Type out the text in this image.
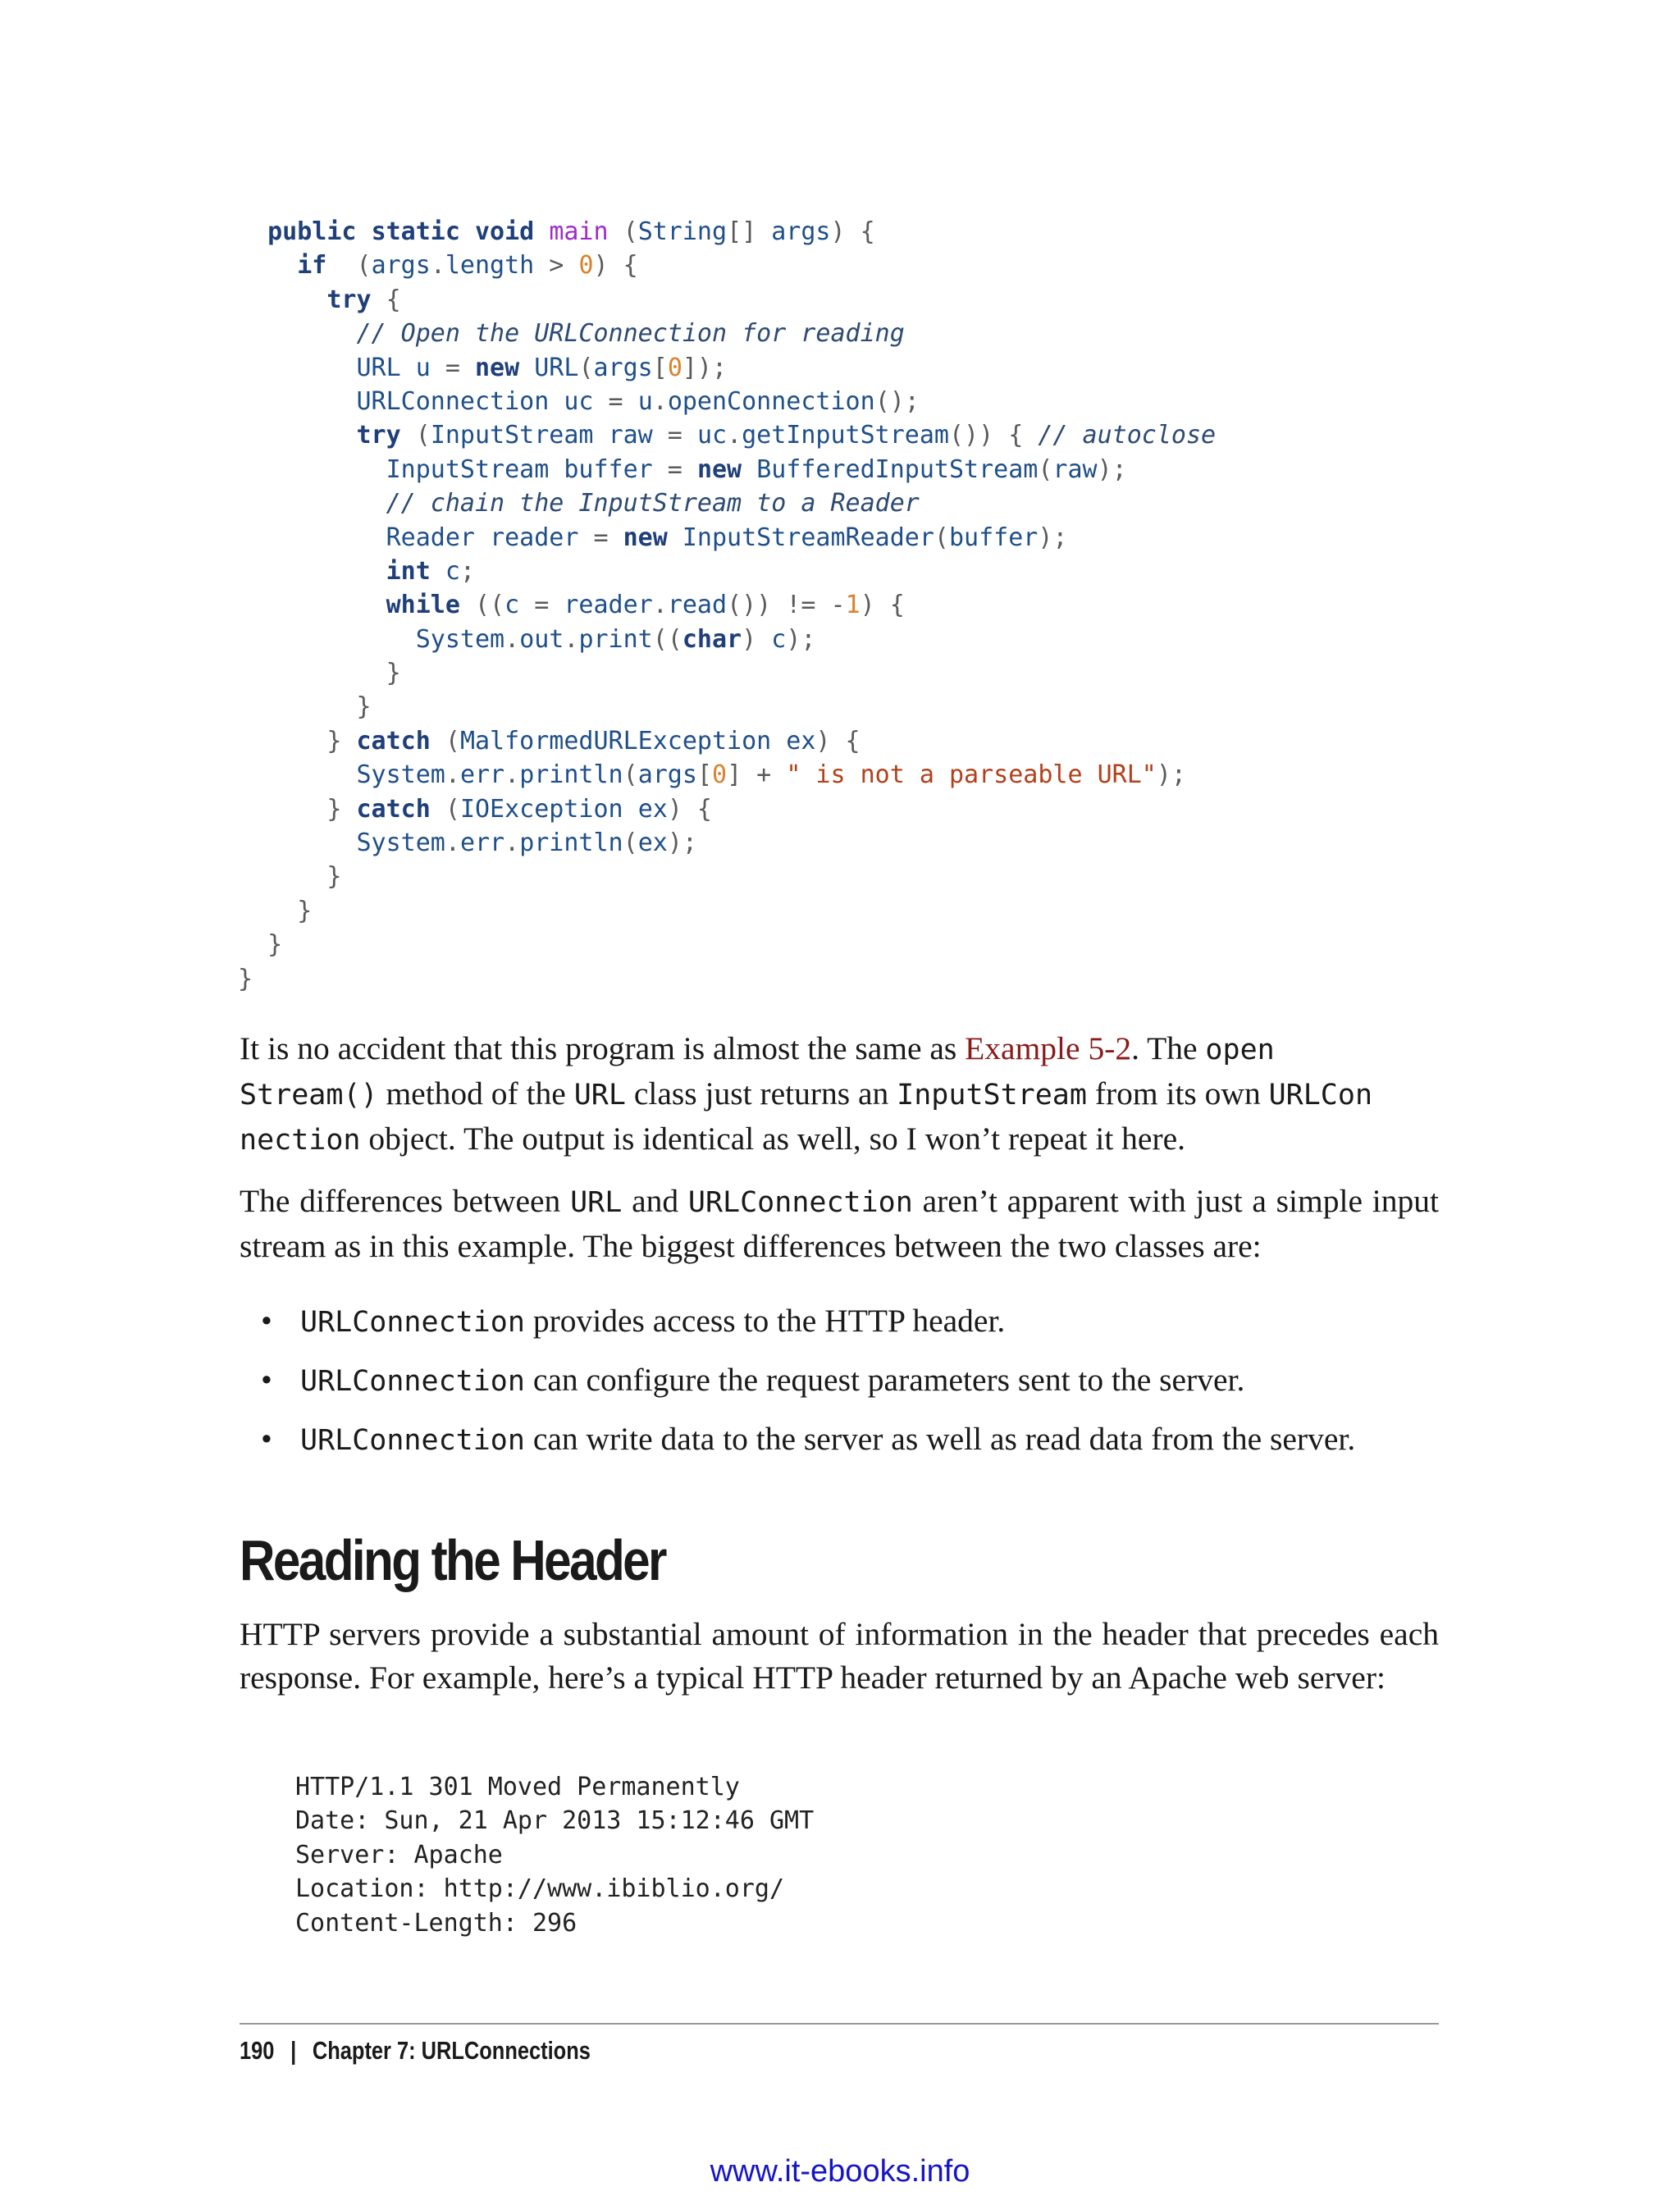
public static void main (String[] args) {
if  (args.length > 0) {
try {
// Open the URLConnection for reading
URL u = new URL(args[0]);
URLConnection uc = u.openConnection();
try (InputStream raw = uc.getInputStream()) { // autoclose
InputStream buffer = new BufferedInputStream(raw);
// chain the InputStream to a Reader
Reader reader = new InputStreamReader(buffer);
int c;
while ((c = reader.read()) != -1) {
System.out.print((char) c);
}
}
} catch (MalformedURLException ex) {
System.err.println(args[0] + " is not a parseable URL");
} catch (IOException ex) {
System.err.println(ex);
}
}
}
}

It is no accident that this program is almost the same as Example 5-2. The open
Stream() method of the URL class just returns an InputStream from its own URLCon
nection object. The output is identical as well, so I won’t repeat it here.

The differences between URL and URLConnection aren’t apparent with just a simple input stream as in this example. The biggest differences between the two classes are:

• URLConnection provides access to the HTTP header.
• URLConnection can configure the request parameters sent to the server.
• URLConnection can write data to the server as well as read data from the server.
Reading the Header

HTTP servers provide a substantial amount of information in the header that precedes each response. For example, here’s a typical HTTP header returned by an Apache web server:

HTTP/1.1 301 Moved Permanently
Date: Sun, 21 Apr 2013 15:12:46 GMT
Server: Apache
Location: http://www.ibiblio.org/
Content-Length: 296
190 | Chapter 7: URLConnections
www.it-ebooks.info
